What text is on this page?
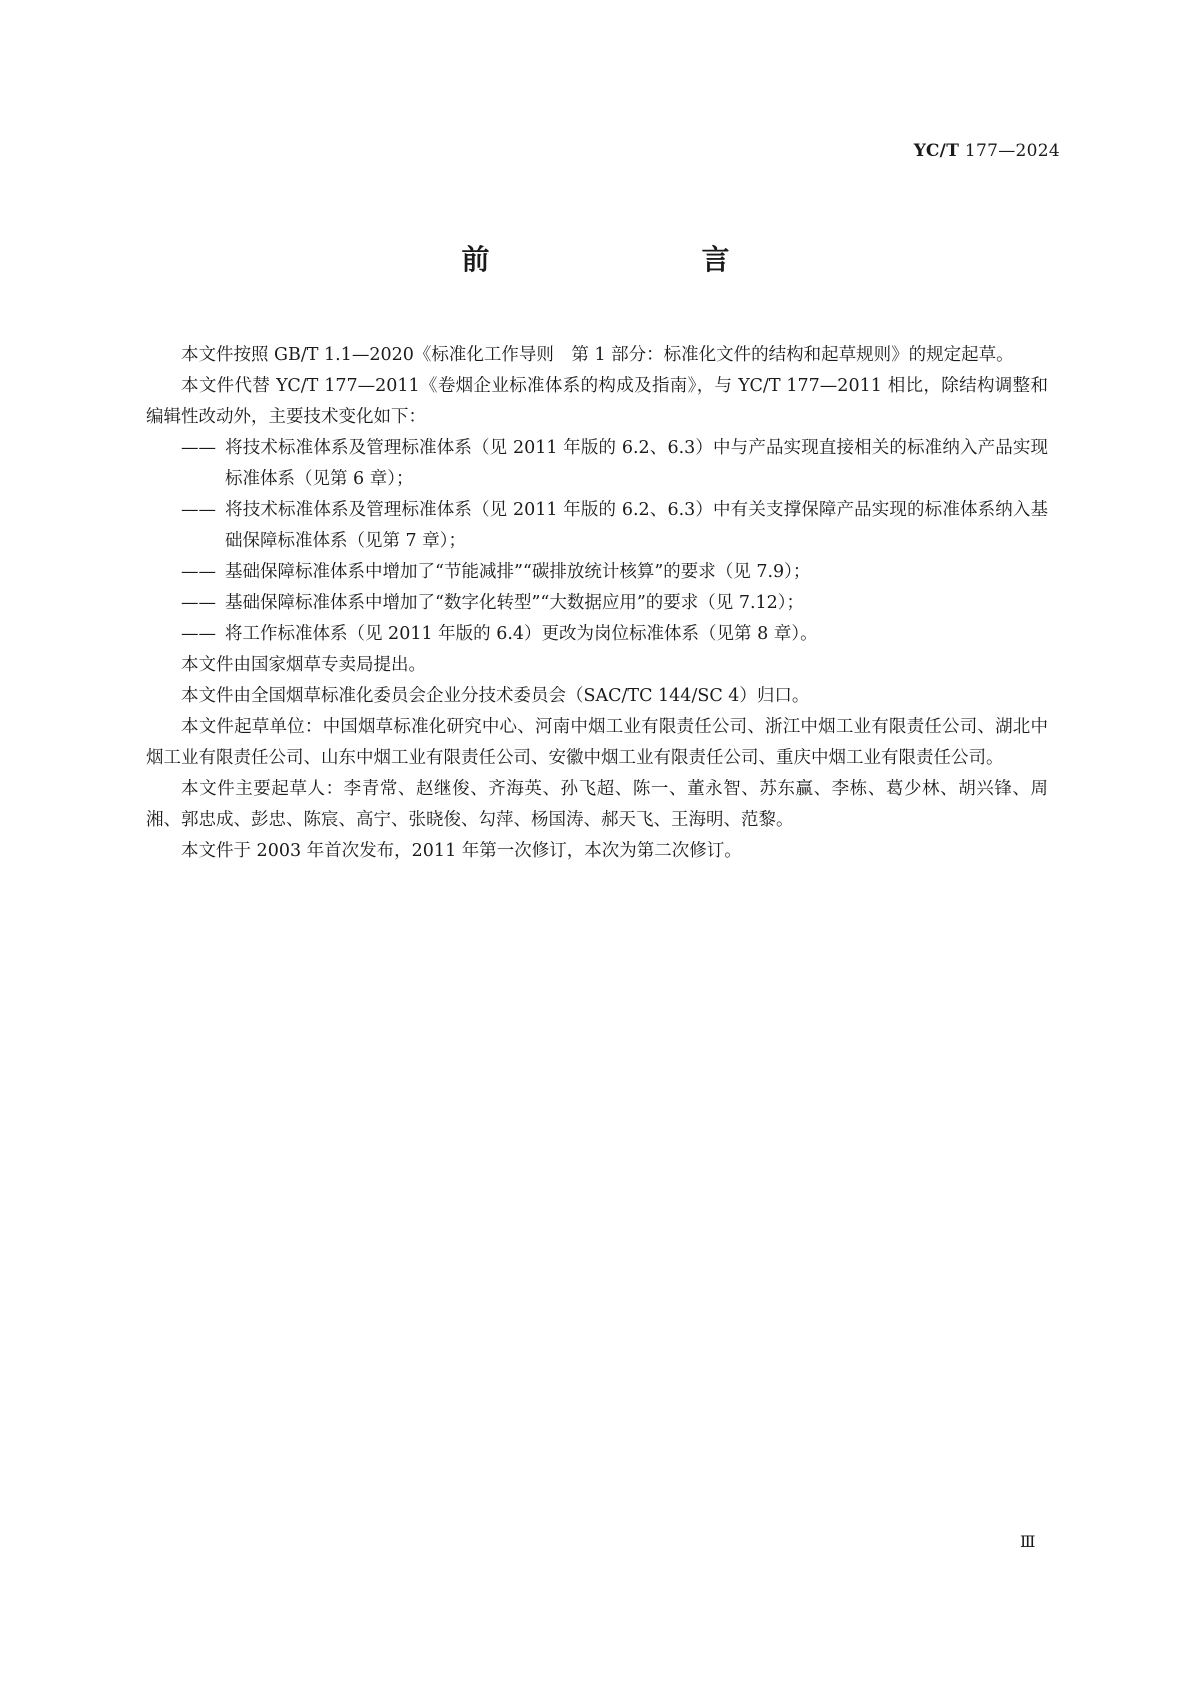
YC/T 177—2024
前　　言

本文件按照 GB/T 1.1—2020《标准化工作导则　第 1 部分：标准化文件的结构和起草规则》的规定起草。

本文件代替 YC/T 177—2011《卷烟企业标准体系的构成及指南》，与 YC/T 177—2011 相比，除结构调整和编辑性改动外，主要技术变化如下：

—— 将技术标准体系及管理标准体系（见 2011 年版的 6.2、6.3）中与产品实现直接相关的标准纳入产品实现标准体系（见第 6 章）；

—— 将技术标准体系及管理标准体系（见 2011 年版的 6.2、6.3）中有关支撑保障产品实现的标准体系纳入基础保障标准体系（见第 7 章）；

—— 基础保障标准体系中增加了“节能减排”“碳排放统计核算”的要求（见 7.9）；

—— 基础保障标准体系中增加了“数字化转型”“大数据应用”的要求（见 7.12）；

—— 将工作标准体系（见 2011 年版的 6.4）更改为岗位标准体系（见第 8 章）。

本文件由国家烟草专卖局提出。

本文件由全国烟草标准化委员会企业分技术委员会（SAC/TC 144/SC 4）归口。

本文件起草单位：中国烟草标准化研究中心、河南中烟工业有限责任公司、浙江中烟工业有限责任公司、湖北中烟工业有限责任公司、山东中烟工业有限责任公司、安徽中烟工业有限责任公司、重庆中烟工业有限责任公司。

本文件主要起草人：李青常、赵继俊、齐海英、孙飞超、陈一、董永智、苏东赢、李栋、葛少林、胡兴锋、周湘、郭忠成、彭忠、陈宸、高宁、张晓俊、勾萍、杨国涛、郝天飞、王海明、范黎。

本文件于 2003 年首次发布，2011 年第一次修订，本次为第二次修订。

Ⅲ
